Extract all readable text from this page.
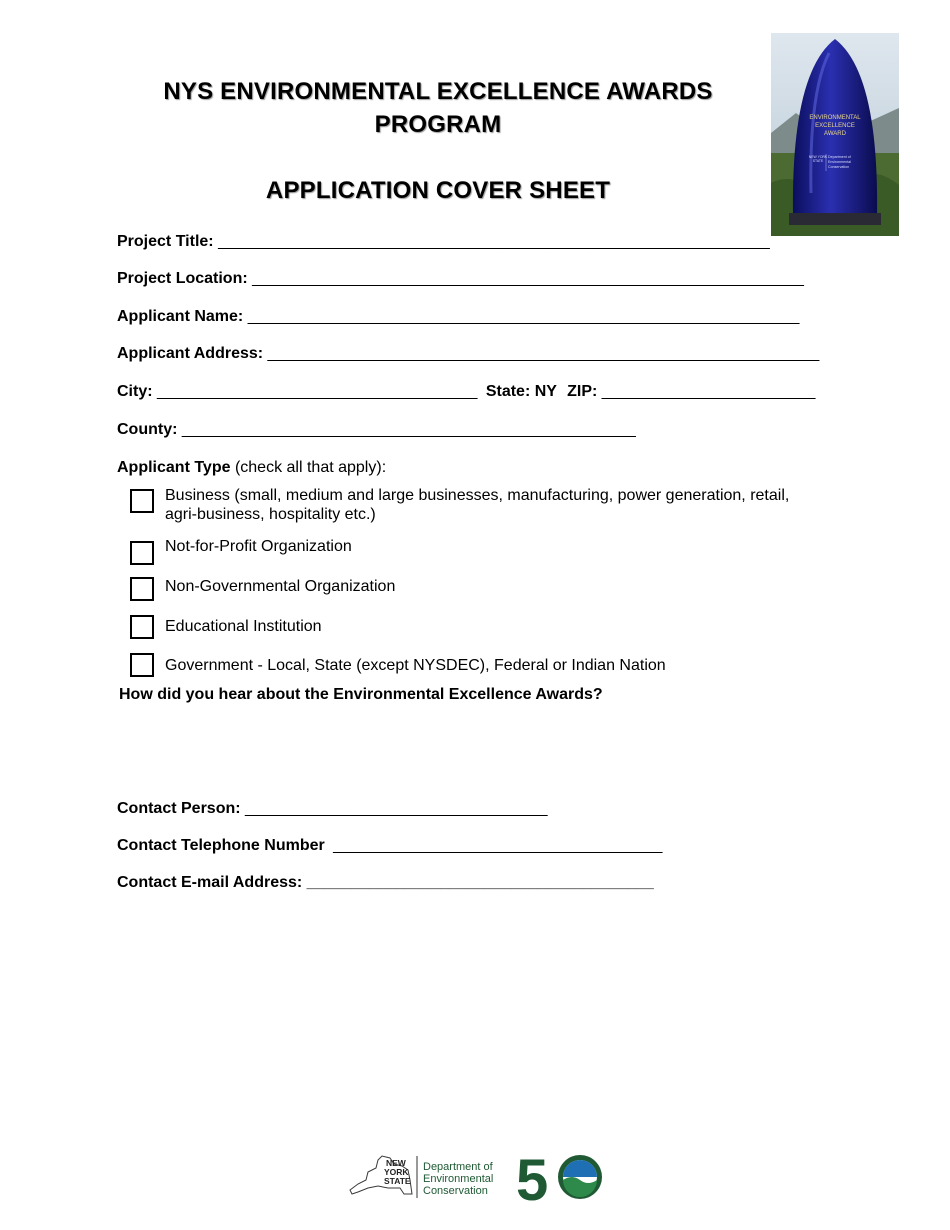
NYS ENVIRONMENTAL EXCELLENCE AWARDS
PROGRAM
APPLICATION COVER SHEET
ENVIRONMENTAL
EXCELLENCE
AWARD
NEW YORK
STATE
Department of
Environmental
Conservation
Project Title: ______________________________________________________________
Project Location: ______________________________________________________________
Applicant Name: ______________________________________________________________
Applicant Address: ______________________________________________________________
City: ____________________________________ State: NY ZIP: ________________________
County: ___________________________________________________
Applicant Type (check all that apply):
Business (small, medium and large businesses, manufacturing, power generation, retail, agri-business, hospitality etc.)
Not-for-Profit Organization
Non-Governmental Organization
Educational Institution
Government - Local, State (except NYSDEC), Federal or Indian Nation
How did you hear about the Environmental Excellence Awards?
Contact Person: __________________________________
Contact Telephone Number _____________________________________
Contact E-mail Address: _______________________________________
NEW
YORK
STATE
Department of
Environmental
Conservation 5
